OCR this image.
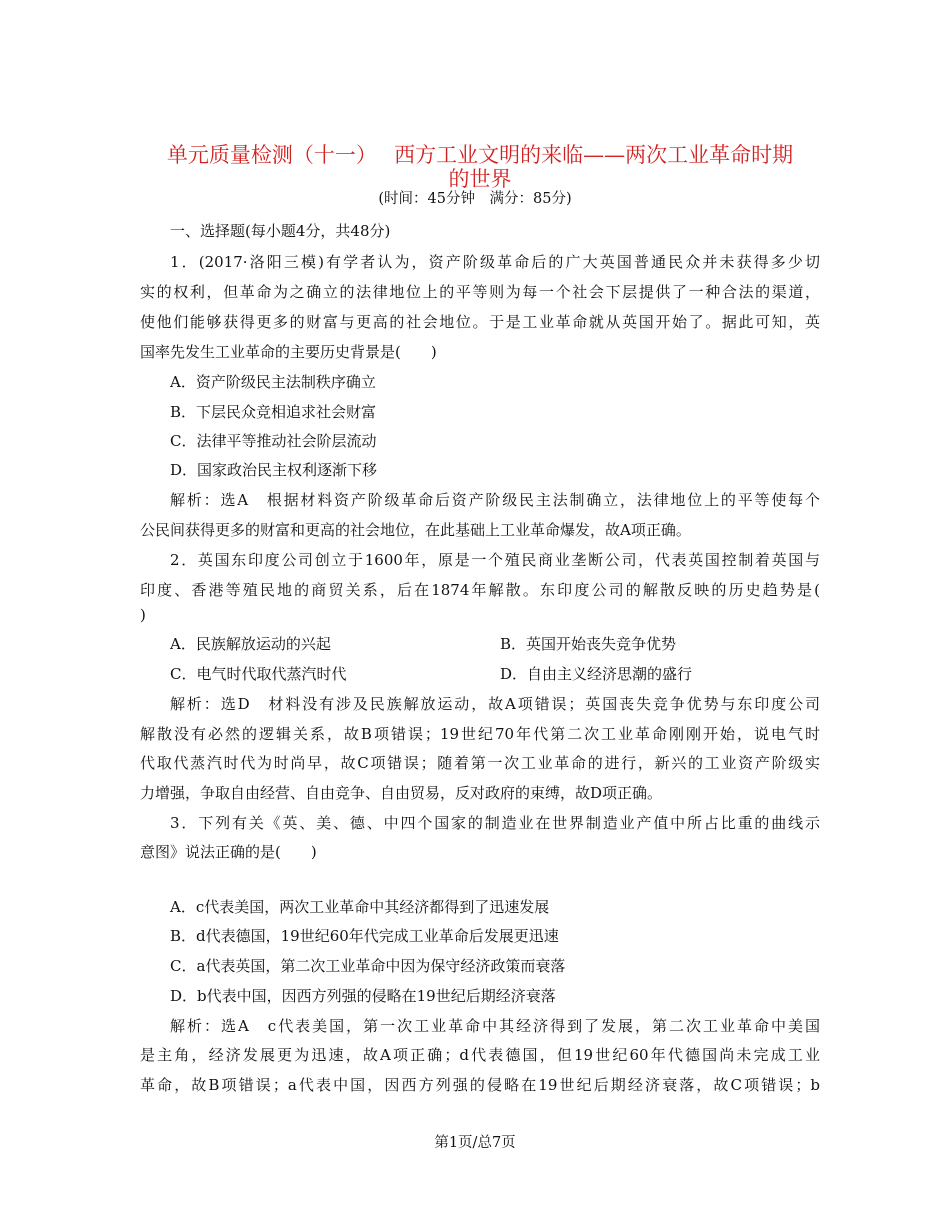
单元质量检测（十一）　 西方工业文明的来临——两次工业革命时期
的世界
(时间：45分钟　满分：85分)
一、选择题(每小题4分，共48分)
1．(2017·洛阳三模)有学者认为，资产阶级革命后的广大英国普通民众并未获得多少切
实的权利，但革命为之确立的法律地位上的平等则为每一个社会下层提供了一种合法的渠道，
使他们能够获得更多的财富与更高的社会地位。于是工业革命就从英国开始了。据此可知，英
国率先发生工业革命的主要历史背景是(　　)
A．资产阶级民主法制秩序确立
B．下层民众竞相追求社会财富
C．法律平等推动社会阶层流动
D．国家政治民主权利逐渐下移
解析：选A　根据材料资产阶级革命后资产阶级民主法制确立，法律地位上的平等使每个
公民间获得更多的财富和更高的社会地位，在此基础上工业革命爆发，故A项正确。
2．英国东印度公司创立于1600年，原是一个殖民商业垄断公司，代表英国控制着英国与
印度、香港等殖民地的商贸关系，后在1874年解散。东印度公司的解散反映的历史趋势是(
)
A．民族解放运动的兴起	B．英国开始丧失竞争优势
C．电气时代取代蒸汽时代	D．自由主义经济思潮的盛行
解析：选D　材料没有涉及民族解放运动，故A项错误；英国丧失竞争优势与东印度公司
解散没有必然的逻辑关系，故B项错误；19世纪70年代第二次工业革命刚刚开始，说电气时
代取代蒸汽时代为时尚早，故C项错误；随着第一次工业革命的进行，新兴的工业资产阶级实
力增强，争取自由经营、自由竞争、自由贸易，反对政府的束缚，故D项正确。
3．下列有关《英、美、德、中四个国家的制造业在世界制造业产值中所占比重的曲线示
意图》说法正确的是(　　)
A．c代表美国，两次工业革命中其经济都得到了迅速发展
B．d代表德国，19世纪60年代完成工业革命后发展更迅速
C．a代表英国，第二次工业革命中因为保守经济政策而衰落
D．b代表中国，因西方列强的侵略在19世纪后期经济衰落
解析：选A　c代表美国，第一次工业革命中其经济得到了发展，第二次工业革命中美国
是主角，经济发展更为迅速，故A项正确；d代表德国，但19世纪60年代德国尚未完成工业
革命，故B项错误；a代表中国，因西方列强的侵略在19世纪后期经济衰落，故C项错误；b
第1页/总7页
